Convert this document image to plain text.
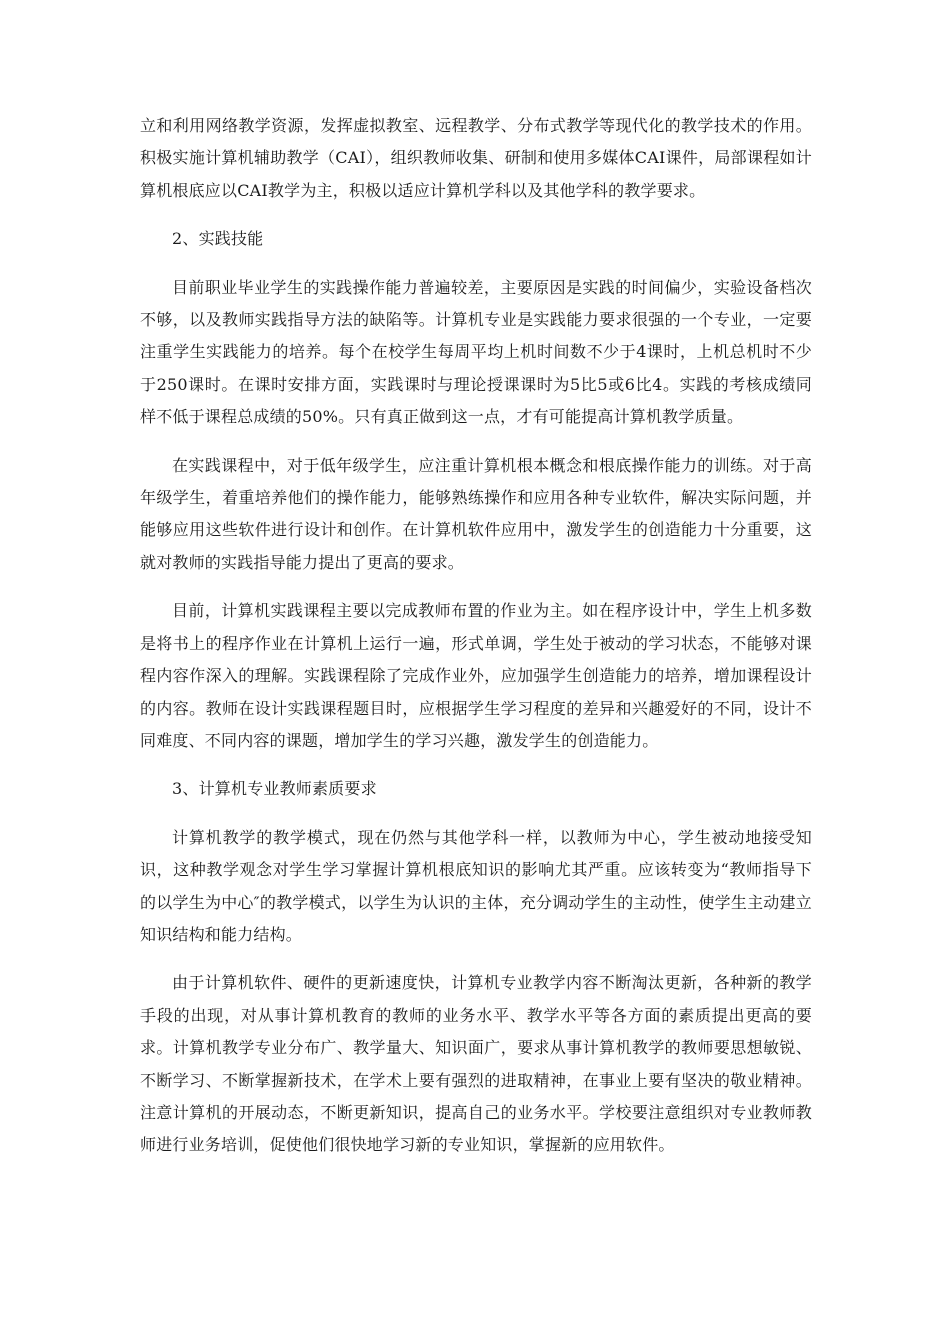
立和利用网络教学资源，发挥虚拟教室、远程教学、分布式教学等现代化的教学技术的作用。积极实施计算机辅助教学（CAI），组织教师收集、研制和使用多媒体CAI课件，局部课程如计算机根底应以CAI教学为主，积极以适应计算机学科以及其他学科的教学要求。

2、实践技能

目前职业毕业学生的实践操作能力普遍较差，主要原因是实践的时间偏少，实验设备档次不够，以及教师实践指导方法的缺陷等。计算机专业是实践能力要求很强的一个专业，一定要注重学生实践能力的培养。每个在校学生每周平均上机时间数不少于4课时，上机总机时不少于250课时。在课时安排方面，实践课时与理论授课课时为5比5或6比4。实践的考核成绩同样不低于课程总成绩的50%。只有真正做到这一点，才有可能提高计算机教学质量。

在实践课程中，对于低年级学生，应注重计算机根本概念和根底操作能力的训练。对于高年级学生，着重培养他们的操作能力，能够熟练操作和应用各种专业软件，解决实际问题，并能够应用这些软件进行设计和创作。在计算机软件应用中，激发学生的创造能力十分重要，这就对教师的实践指导能力提出了更高的要求。

目前，计算机实践课程主要以完成教师布置的作业为主。如在程序设计中，学生上机多数是将书上的程序作业在计算机上运行一遍，形式单调，学生处于被动的学习状态，不能够对课程内容作深入的理解。实践课程除了完成作业外，应加强学生创造能力的培养，增加课程设计的内容。教师在设计实践课程题目时，应根据学生学习程度的差异和兴趣爱好的不同，设计不同难度、不同内容的课题，增加学生的学习兴趣，激发学生的创造能力。

3、计算机专业教师素质要求

计算机教学的教学模式，现在仍然与其他学科一样，以教师为中心，学生被动地接受知识，这种教学观念对学生学习掌握计算机根底知识的影响尤其严重。应该转变为“教师指导下的以学生为中心″的教学模式，以学生为认识的主体，充分调动学生的主动性，使学生主动建立知识结构和能力结构。

由于计算机软件、硬件的更新速度快，计算机专业教学内容不断淘汰更新，各种新的教学手段的出现，对从事计算机教育的教师的业务水平、教学水平等各方面的素质提出更高的要求。计算机教学专业分布广、教学量大、知识面广，要求从事计算机教学的教师要思想敏锐、不断学习、不断掌握新技术，在学术上要有强烈的进取精神，在事业上要有坚决的敬业精神。注意计算机的开展动态，不断更新知识，提高自己的业务水平。学校要注意组织对专业教师教师进行业务培训，促使他们很快地学习新的专业知识，掌握新的应用软件。
